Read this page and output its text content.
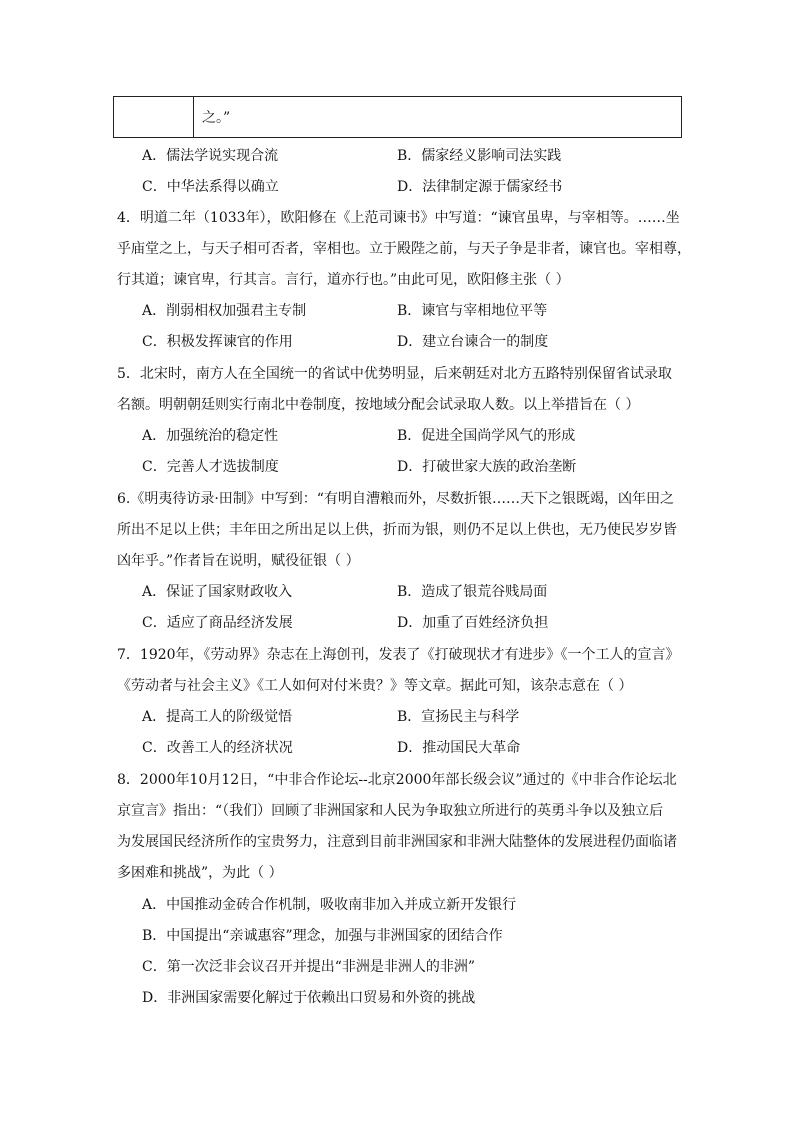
之。”
A．儒法学说实现合流	B．儒家经义影响司法实践
C．中华法系得以确立	D．法律制定源于儒家经书
4．明道二年（1033年），欧阳修在《上范司谏书》中写道：“谏官虽卑，与宰相等。……坐
乎庙堂之上，与天子相可否者，宰相也。立于殿陛之前，与天子争是非者，谏官也。宰相尊，
行其道；谏官卑，行其言。言行，道亦行也。”由此可见，欧阳修主张（ ）
A．削弱相权加强君主专制	B．谏官与宰相地位平等
C．积极发挥谏官的作用	D．建立台谏合一的制度
5．北宋时，南方人在全国统一的省试中优势明显，后来朝廷对北方五路特别保留省试录取
名额。明朝朝廷则实行南北中卷制度，按地域分配会试录取人数。以上举措旨在（ ）
A．加强统治的稳定性	B．促进全国尚学风气的形成
C．完善人才选拔制度	D．打破世家大族的政治垄断
6.《明夷待访录·田制》中写到：“有明自漕粮而外，尽数折银……天下之银既竭，凶年田之
所出不足以上供；丰年田之所出足以上供，折而为银，则仍不足以上供也，无乃使民岁岁皆
凶年乎。”作者旨在说明，赋役征银（ ）
A．保证了国家财政收入	B．造成了银荒谷贱局面
C．适应了商品经济发展	D．加重了百姓经济负担
7．1920年，《劳动界》杂志在上海创刊，发表了《打破现状才有进步》《一个工人的宣言》
《劳动者与社会主义》《工人如何对付米贵？》等文章。据此可知，该杂志意在（ ）
A．提高工人的阶级觉悟	B．宣扬民主与科学
C．改善工人的经济状况	D．推动国民大革命
8．2000年10月12日，“中非合作论坛--北京2000年部长级会议”通过的《中非合作论坛北
京宣言》指出：“（我们）回顾了非洲国家和人民为争取独立所进行的英勇斗争以及独立后
为发展国民经济所作的宝贵努力，注意到目前非洲国家和非洲大陆整体的发展进程仍面临诸
多困难和挑战”，为此（ ）
A．中国推动金砖合作机制，吸收南非加入并成立新开发银行
B．中国提出“亲诚惠容”理念，加强与非洲国家的团结合作
C．第一次泛非会议召开并提出“非洲是非洲人的非洲”
D．非洲国家需要化解过于依赖出口贸易和外资的挑战
